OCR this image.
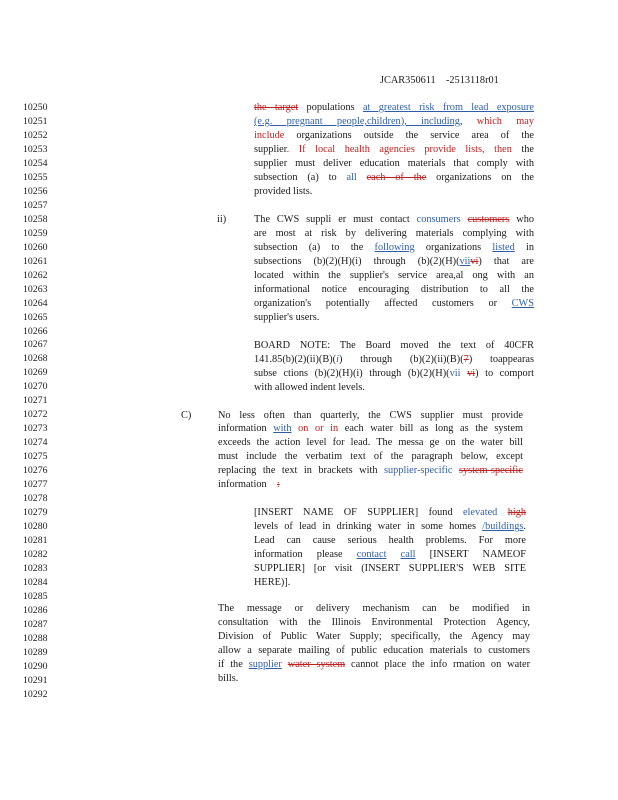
JCAR350611 -2513118r01
10250
10251
10252
10253
10254
10255
10256
10257
10258
10259
10260
10261
10262
10263
10264
10265
10266
10267
10268
10269
10270
10271
10272
10273
10274
10275
10276
10277
10278
10279
10280
10281
10282
10283
10284
10285
10286
10287
10288
10289
10290
10291
10292
the target populations at greatest risk from lead exposure
(e.g. pregnant people,children), including, which may
include organizations outside the service area of the
supplier. If local health agencies provide lists, then the
supplier must deliver education materials that comply with
subsection (a) to all each of the organizations on the
provided lists.
ii)	The CWS suppli er must contact consumers customers who
are most at risk by delivering materials complying with
subsection (a) to the following organizations listed in
subsections (b)(2)(H)(i) through (b)(2)(H)(viivi) that are
located within the supplier's service area,al ong with an
informational notice encouraging distribution to all the
organization's potentially affected customers or CWS
supplier's users.
BOARD NOTE: The Board moved the text of 40CFR
141.85(b)(2)(ii)(B)(i) through (b)(2)(ii)(B)(7) toappearas
subse ctions (b)(2)(H)(i) through (b)(2)(H)(vii vi) to comport
with allowed indent levels.
C)	No less often than quarterly, the CWS supplier must provide
information with on or in each water bill as long as the system
exceeds the action level for lead. The messa ge on the water bill
must include the verbatim text of the paragraph below, except
replacing the text in brackets with supplier-specific system-specific
information :
[INSERT NAME OF SUPPLIER] found elevated high
levels of lead in drinking water in some homes /buildings.
Lead can cause serious health problems. For more
information please contact call [INSERT NAMEOF
SUPPLIER] [or visit (INSERT SUPPLIER'S WEB SITE
HERE)].
The message or delivery mechanism can be modified in
consultation with the Illinois Environmental Protection Agency,
Division of Public Water Supply; specifically, the Agency may
allow a separate mailing of public education materials to customers
if the supplier water system cannot place the info rmation on water
bills.
